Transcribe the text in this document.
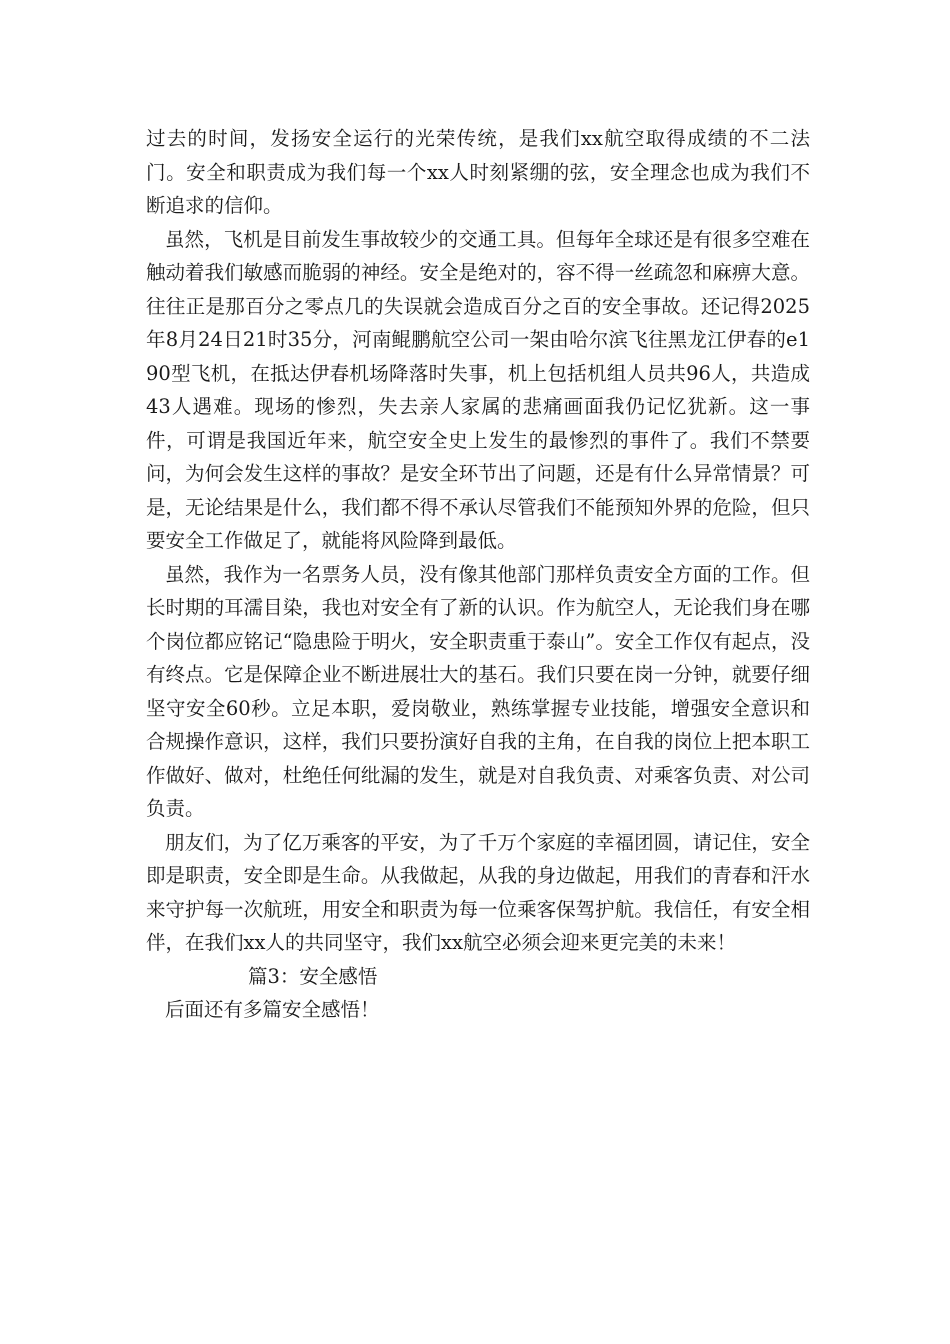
过去的时间，发扬安全运行的光荣传统，是我们xx航空取得成绩的不二法门。安全和职责成为我们每一个xx人时刻紧绷的弦，安全理念也成为我们不断追求的信仰。

虽然，飞机是目前发生事故较少的交通工具。但每年全球还是有很多空难在触动着我们敏感而脆弱的神经。安全是绝对的，容不得一丝疏忽和麻痹大意。往往正是那百分之零点几的失误就会造成百分之百的安全事故。还记得2025年8月24日21时35分，河南鲲鹏航空公司一架由哈尔滨飞往黑龙江伊春的e190型飞机，在抵达伊春机场降落时失事，机上包括机组人员共96人，共造成43人遇难。现场的惨烈，失去亲人家属的悲痛画面我仍记忆犹新。这一事件，可谓是我国近年来，航空安全史上发生的最惨烈的事件了。我们不禁要问，为何会发生这样的事故？是安全环节出了问题，还是有什么异常情景？可是，无论结果是什么，我们都不得不承认尽管我们不能预知外界的危险，但只要安全工作做足了，就能将风险降到最低。

虽然，我作为一名票务人员，没有像其他部门那样负责安全方面的工作。但长时期的耳濡目染，我也对安全有了新的认识。作为航空人，无论我们身在哪个岗位都应铭记“隐患险于明火，安全职责重于泰山”。安全工作仅有起点，没有终点。它是保障企业不断进展壮大的基石。我们只要在岗一分钟，就要仔细坚守安全60秒。立足本职，爱岗敬业，熟练掌握专业技能，增强安全意识和合规操作意识，这样，我们只要扮演好自我的主角，在自我的岗位上把本职工作做好、做对，杜绝任何纰漏的发生，就是对自我负责、对乘客负责、对公司负责。

朋友们，为了亿万乘客的平安，为了千万个家庭的幸福团圆，请记住，安全即是职责，安全即是生命。从我做起，从我的身边做起，用我们的青春和汗水来守护每一次航班，用安全和职责为每一位乘客保驾护航。我信任，有安全相伴，在我们xx人的共同坚守，我们xx航空必须会迎来更完美的未来！

篇3：安全感悟

后面还有多篇安全感悟！
